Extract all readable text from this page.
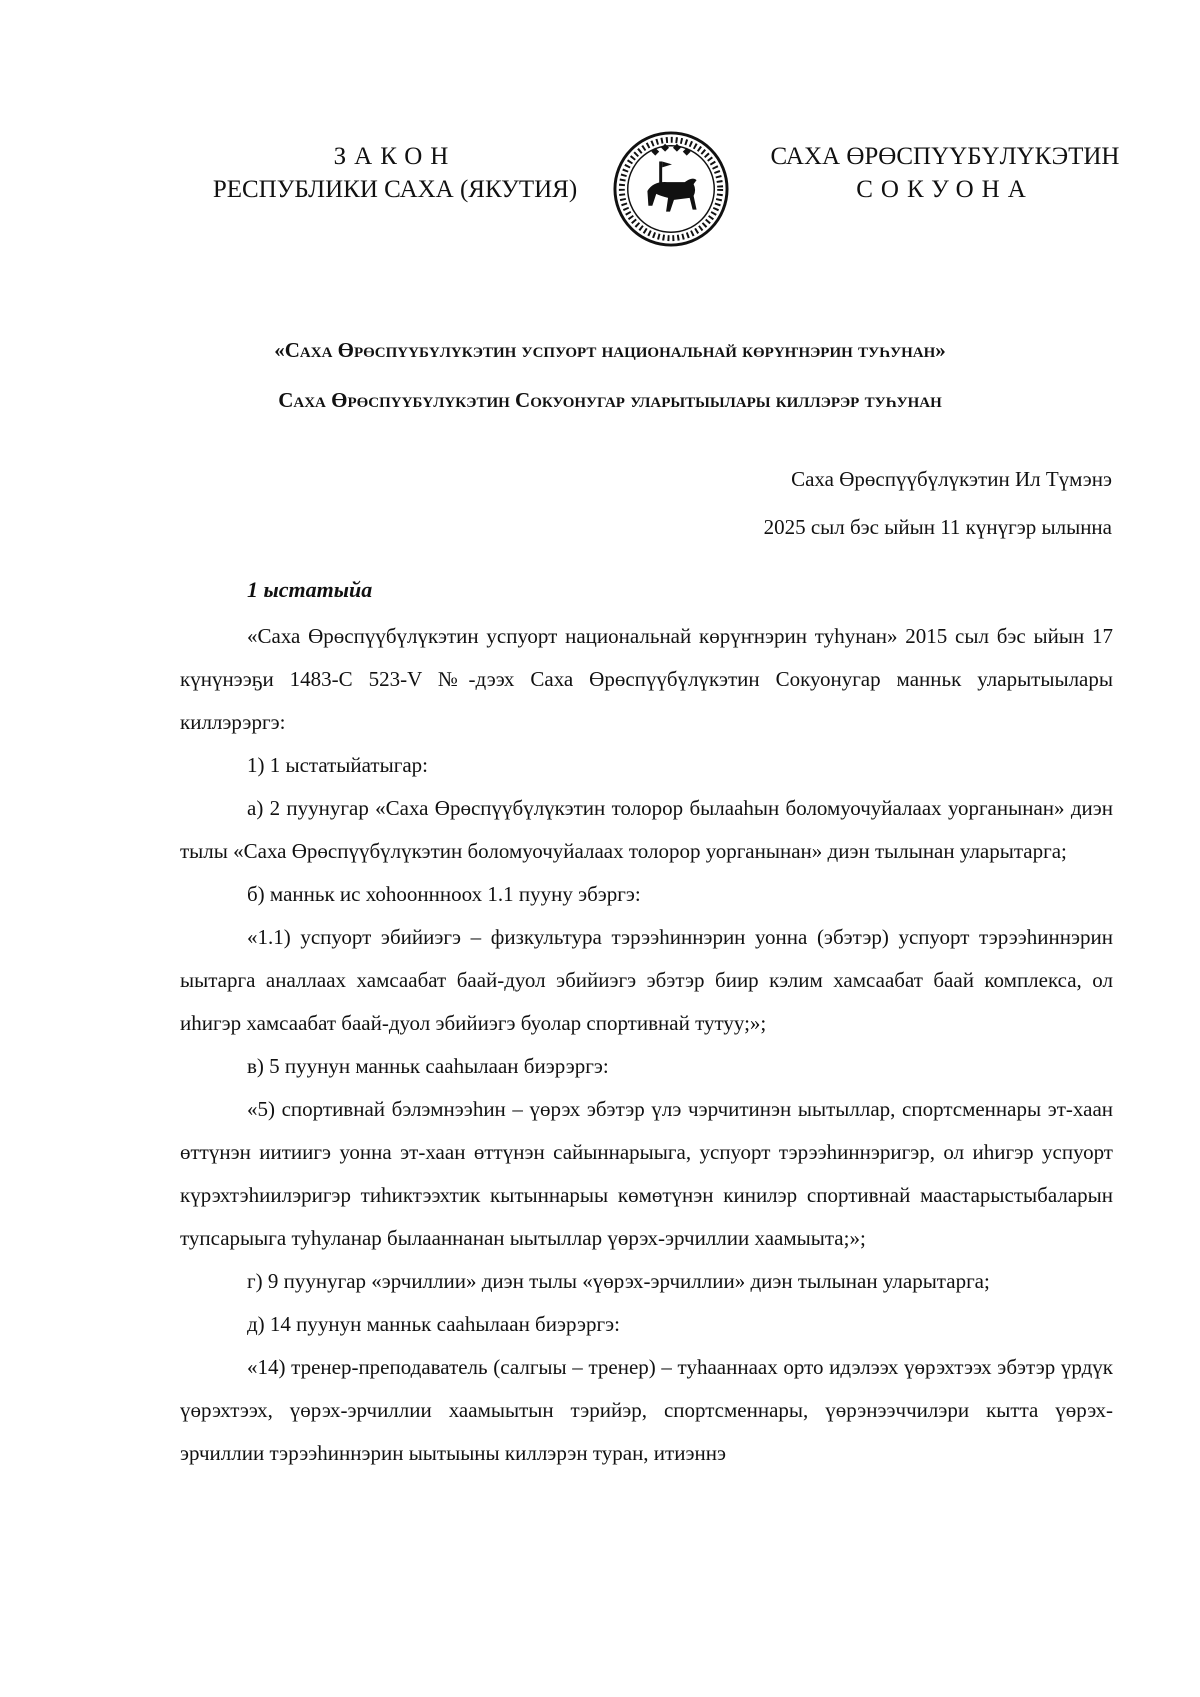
ЗАКОН
РЕСПУБЛИКИ САХА (ЯКУТИЯ)
САХА ӨРӨСПҮҮБҮЛҮКЭТИН
СОКУОНА
«Саха Өрөспүүбүлүкэтин успуорт национальнай көрүҥнэрин туһунан»
Саха Өрөспүүбүлүкэтин Сокуонугар уларытыылары киллэрэр туһунан
Саха Өрөспүүбүлүкэтин Ил Түмэнэ
2025 сыл бэс ыйын 11 күнүгэр ылынна
1 ыстатыйа

«Саха Өрөспүүбүлүкэтин успуорт национальнай көрүҥнэрин туһунан» 2015 сыл бэс ыйын 17 күнүнээҕи 1483-С 523-V №-дээх Саха Өрөспүүбүлүкэтин Сокуонугар манньк уларытыылары киллэрэргэ:

1) 1 ыстатыйатыгар:

а) 2 пуунугар «Саха Өрөспүүбүлүкэтин толорор былааһын боломуочуйалаах уорганынан» диэн тылы «Саха Өрөспүүбүлүкэтин боломуочуйалаах толорор уорганынан» диэн тылынан уларытарга;

б) манньк ис хоһооннноох 1.1 пууну эбэргэ:

«1.1) успуорт эбийиэгэ – физкультура тэрээһиннэрин уонна (эбэтэр) успуорт тэрээһиннэрин ыытарга аналлаах хамсаабат баай-дуол эбийиэгэ эбэтэр биир кэлим хамсаабат баай комплекса, ол иһигэр хамсаабат баай-дуол эбийиэгэ буолар спортивнай тутуу;»;

в) 5 пуунун манньк сааһылаан биэрэргэ:

«5) спортивнай бэлэмнээһин – үөрэх эбэтэр үлэ чэрчитинэн ыытыллар, спортсменнары эт-хаан өттүнэн иитиигэ уонна эт-хаан өттүнэн сайыннарыыга, успуорт тэрээһиннэригэр, ол иһигэр успуорт күрэхтэһиилэригэр тиһиктээхтик кытыннарыы көмөтүнэн кинилэр спортивнай маастарыстыбаларын тупсарыыга туһуланар былааннанан ыытыллар үөрэх-эрчиллии хаамыыта;»;

г) 9 пуунугар «эрчиллии» диэн тылы «үөрэх-эрчиллии» диэн тылынан уларытарга;

д) 14 пуунун манньк сааһылаан биэрэргэ:

«14) тренер-преподаватель (салгыы – тренер) – туһааннаах орто идэлээх үөрэхтээх эбэтэр үрдүк үөрэхтээх, үөрэх-эрчиллии хаамыытын тэрийэр, спортсменнары, үөрэнээччилэри кытта үөрэх-эрчиллии тэрээһиннэрин ыытыыны киллэрэн туран, итиэннэ
